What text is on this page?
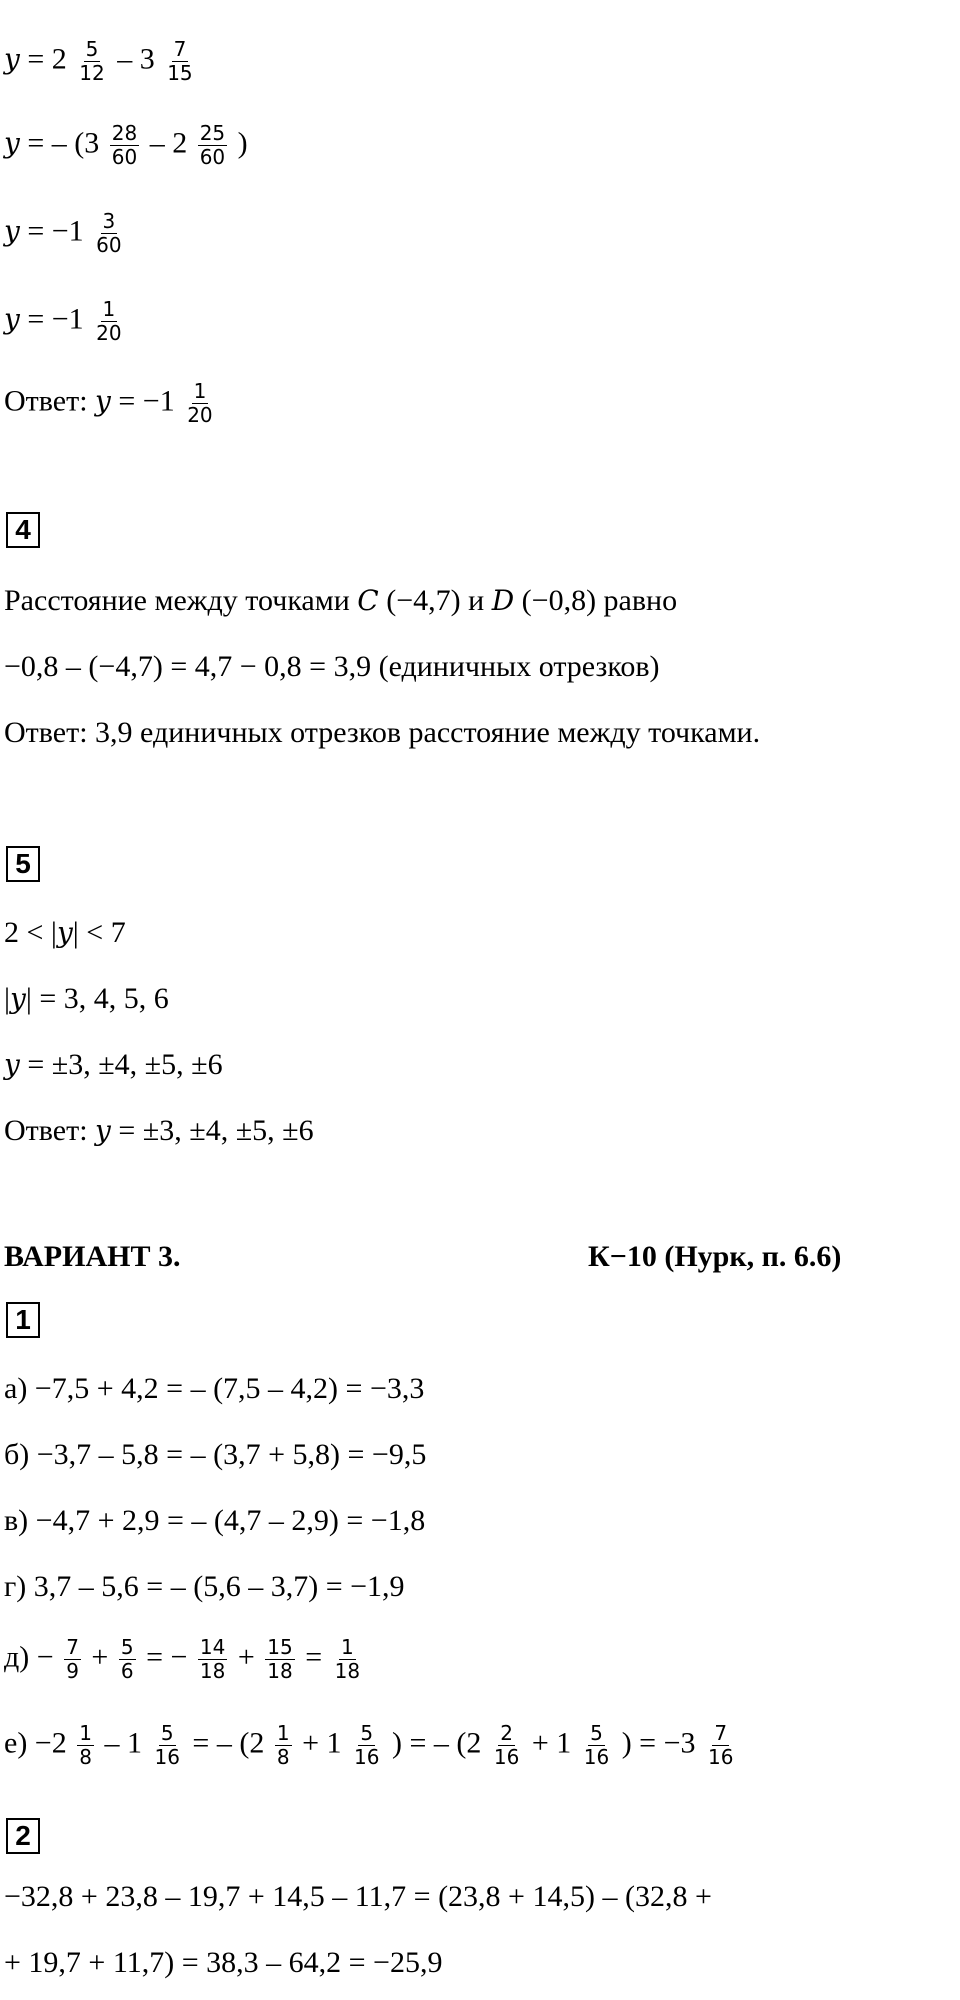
$y = 2 \frac{5}{12} - 3 \frac{7}{15}$
y = – ($3 \frac{28}{60} - 2 \frac{25}{60}$ )
$y = -1 \frac{3}{60}$
$y = -1 \frac{1}{20}$
Ответ: $y = -1 \frac{1}{20}$
4
Расстояние между точками C (−4,7) и D (−0,8) равно
−0,8 – (−4,7) = 4,7 − 0,8 = 3,9 (единичных отрезков)
Ответ: 3,9 единичных отрезков расстояние между точками.
5
2 < |y| < 7
|y| = 3, 4, 5, 6
y = ±3, ±4, ±5, ±6
Ответ: y = ±3, ±4, ±5, ±6
ВАРИАНТ 3.	К−10 (Нурк, п. 6.6)
1
а) −7,5 + 4,2 = – (7,5 – 4,2) = −3,3
б) −3,7 – 5,8 = – (3,7 + 5,8) = −9,5
в) −4,7 + 2,9 = – (4,7 – 2,9) = −1,8
г) 3,7 – 5,6 = – (5,6 – 3,7) = −1,9
$д) - \frac{7}{9} + \frac{5}{6}$ = − $\frac{14}{18} + \frac{15}{18} = \frac{1}{18}$
$е) -2 \frac{1}{8} - 1 \frac{5}{16}$ = – ($2 \frac{1}{8} + 1 \frac{5}{16}$ ) = – ($2 \frac{2}{16} + 1 \frac{5}{16}$ ) = $-3 \frac{7}{16}$
2
−32,8 + 23,8 – 19,7 + 14,5 – 11,7 = (23,8 + 14,5) – (32,8 +
+ 19,7 + 11,7) = 38,3 – 64,2 = −25,9
